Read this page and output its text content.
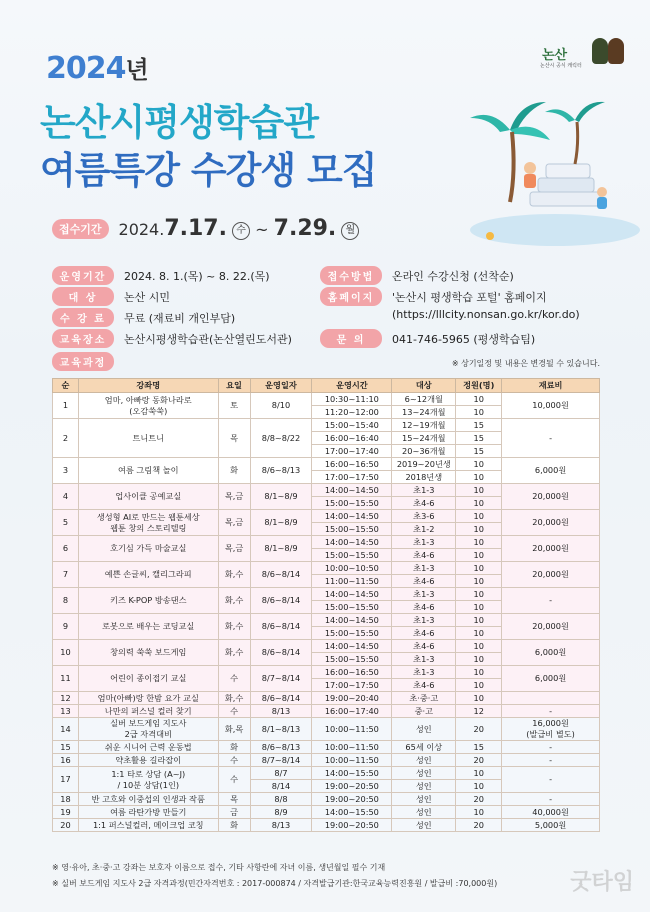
논산
논산시 공식 캐릭터
2024년
논산시평생학습관
여름특강 수강생 모집
접수기간	2024.7.17. 수 ~ 7.29. 월
운영기간	2024. 8. 1.(목) ~ 8. 22.(목)
대 상	논산 시민
수 강 료	무료 (재료비 개인부담)
교육장소	논산시평생학습관(논산열린도서관)
접수방법	온라인 수강신청 (선착순)
홈페이지	'논산시 평생학습 포털' 홈페이지
(https://lllcity.nonsan.go.kr/kor.do)
문 의	041-746-5965 (평생학습팀)
교육과정	※ 상기일정 및 내용은 변경될 수 있습니다.
순	강좌명	요일	운영일자	운영시간	대상	정원(명)	재료비
1	엄마, 아빠랑 동화나라로
(오감쑥쑥)	토	8/10	10:30~11:10	6~12개월	10	10,000원
				11:20~12:00	13~24개월	10	
2	트니트니	목	8/8~8/22	15:00~15:40	12~19개월	15	-
				16:00~16:40	15~24개월	15	
				17:00~17:40	20~36개월	15	
3	여름 그림책 놀이	화	8/6~8/13	16:00~16:50	2019~20년생	10	6,000원
				17:00~17:50	2018년생	10	
4	업사이클 공예교실	목,금	8/1~8/9	14:00~14:50	초1-3	10	20,000원
				15:00~15:50	초4-6	10	
5	생성형 AI로 만드는 웹툰세상
웹툰 창의 스토리텔링	목,금	8/1~8/9	14:00~14:50	초3-6	10	20,000원
				15:00~15:50	초1-2	10	
6	호기심 가득 마술교실	목,금	8/1~8/9	14:00~14:50	초1-3	10	20,000원
				15:00~15:50	초4-6	10	
7	예쁜 손글씨, 캘리그라피	화,수	8/6~8/14	10:00~10:50	초1-3	10	20,000원
				11:00~11:50	초4-6	10	
8	키즈 K-POP 방송댄스	화,수	8/6~8/14	14:00~14:50	초1-3	10	-
				15:00~15:50	초4-6	10	
9	로봇으로 배우는 코딩교실	화,수	8/6~8/14	14:00~14:50	초1-3	10	20,000원
				15:00~15:50	초4-6	10	
10	창의력 쑥쑥 보드게임	화,수	8/6~8/14	14:00~14:50	초4-6	10	6,000원
				15:00~15:50	초1-3	10	
11	어린이 종이접기 교실	수	8/7~8/14	16:00~16:50	초1-3	10	6,000원
				17:00~17:50	초4-6	10	
12	엄마(아빠)랑 한밤 요가 교실	화,수	8/6~8/14	19:00~20:40	초·중·고	10	
13	나만의 퍼스널 컬러 찾기	수	8/13	16:00~17:40	중·고	12	-
14	실버 보드게임 지도사
2급 자격대비	화,목	8/1~8/13	10:00~11:50	성인	20	16,000원
(발급비 별도)
15	쉬운 시니어 근력 운동법	화	8/6~8/13	10:00~11:50	65세 이상	15	-
16	약초활용 길라잡이	수	8/7~8/14	10:00~11:50	성인	20	-
17	1:1 타로 상담 (A~J)
/ 10분 상담(1인)	수	8/7	14:00~15:50	성인	10	-
			8/14	19:00~20:50	성인	10	
18	반 고흐와 이중섭의 인생과 작품	목	8/8	19:00~20:50	성인	20	-
19	여름 라탄가방 만들기	금	8/9	14:00~15:50	성인	10	40,000원
20	1:1 퍼스널컬러, 메이크업 코칭	화	8/13	19:00~20:50	성인	20	5,000원
※ 영·유아, 초·중·고 강좌는 보호자 이름으로 접수, 기타 사항란에 자녀 이름, 생년월일 필수 기재
※ 실버 보드게임 지도사 2급 자격과정(민간자격번호 : 2017-000874 / 자격발급기관:한국교육능력진흥원 / 발급비 :70,000원)	굿타임
